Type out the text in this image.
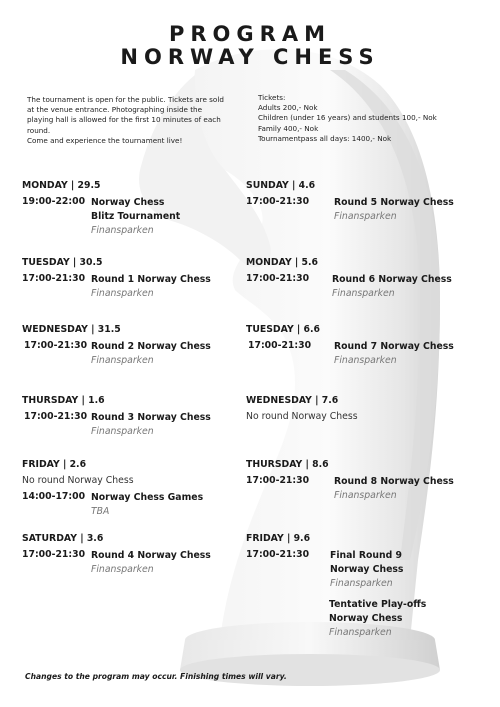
PROGRAM
NORWAY CHESS

The tournament is open for the public. Tickets are sold

at the venue entrance. Photographing inside the

playing hall is allowed for the first 10 minutes of each

round.

Come and experience the tournament live!

Tickets:

Adults 200,- Nok

Children (under 16 years) and students 100,- Nok

Family 400,- Nok

Tournamentpass all days: 1400,- Nok

MONDAY | 29.5
19:00-22:00 Norway Chess
Blitz Tournament
Finansparken
TUESDAY | 30.5
17:00-21:30 Round 1 Norway Chess
Finansparken
WEDNESDAY | 31.5
17:00-21:30 Round 2 Norway Chess
Finansparken
THURSDAY | 1.6
17:00-21:30 Round 3 Norway Chess
Finansparken
FRIDAY | 2.6
No round Norway Chess
14:00-17:00 Norway Chess Games
TBA
SATURDAY | 3.6
17:00-21:30 Round 4 Norway Chess
Finansparken
SUNDAY | 4.6
17:00-21:30	Round 5 Norway Chess
Finansparken
MONDAY | 5.6
17:00-21:30	Round 6 Norway Chess
Finansparken
TUESDAY | 6.6
17:00-21:30	Round 7 Norway Chess
Finansparken
WEDNESDAY | 7.6
No round Norway Chess
THURSDAY | 8.6
17:00-21:30	Round 8 Norway Chess
Finansparken
FRIDAY | 9.6
17:00-21:30	Final Round 9
Norway Chess
Finansparken
Tentative Play-offs
Norway Chess
Finansparken
Changes to the program may occur. Finishing times will vary.
